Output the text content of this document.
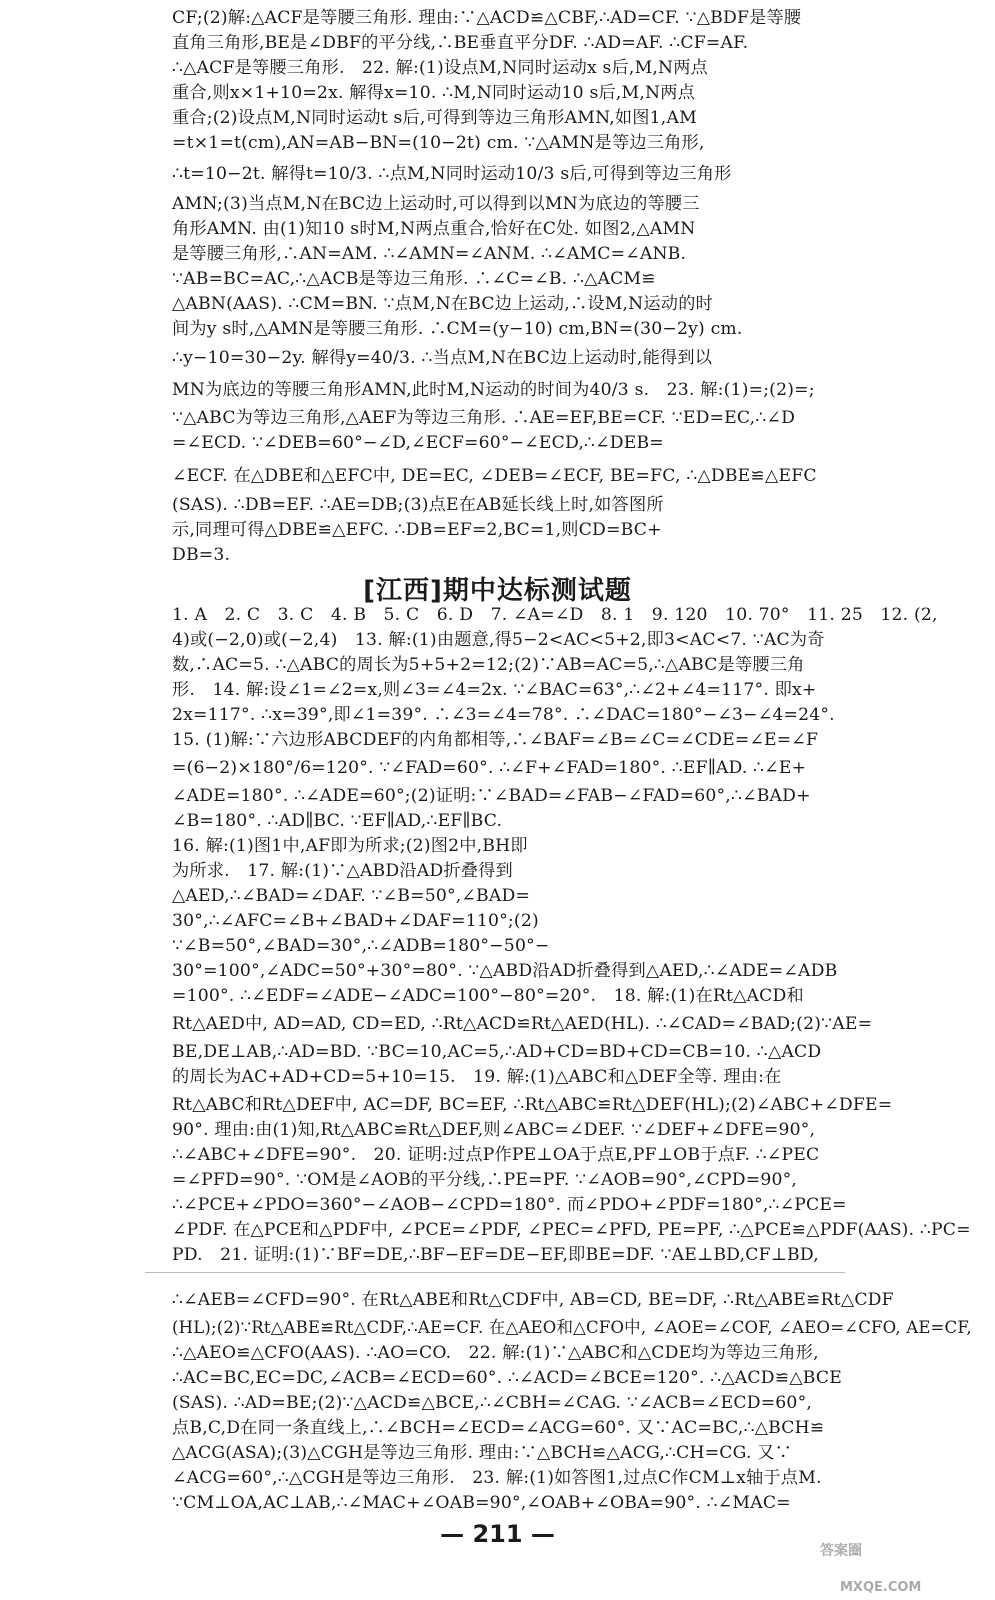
CF;(2)解:△ACF是等腰三角形. 理由:∵△ACD≌△CBF,∴AD=CF. ∵△BDF是等腰
直角三角形,BE是∠DBF的平分线,∴BE垂直平分DF. ∴AD=AF. ∴CF=AF.
∴△ACF是等腰三角形.　22. 解:(1)设点M,N同时运动x s后,M,N两点
重合,则x×1+10=2x. 解得x=10. ∴M,N同时运动10 s后,M,N两点
重合;(2)设点M,N同时运动t s后,可得到等边三角形AMN,如图1,AM
=t×1=t(cm),AN=AB−BN=(10−2t) cm. ∵△AMN是等边三角形,
∴t=10−2t. 解得t=10/3. ∴点M,N同时运动10/3 s后,可得到等边三角形
AMN;(3)当点M,N在BC边上运动时,可以得到以MN为底边的等腰三
角形AMN. 由(1)知10 s时M,N两点重合,恰好在C处. 如图2,△AMN
是等腰三角形,∴AN=AM. ∴∠AMN=∠ANM. ∴∠AMC=∠ANB.
∵AB=BC=AC,∴△ACB是等边三角形. ∴∠C=∠B. ∴△ACM≌
△ABN(AAS). ∴CM=BN. ∵点M,N在BC边上运动,∴设M,N运动的时
间为y s时,△AMN是等腰三角形. ∴CM=(y−10) cm,BN=(30−2y) cm.
∴y−10=30−2y. 解得y=40/3. ∴当点M,N在BC边上运动时,能得到以
MN为底边的等腰三角形AMN,此时M,N运动的时间为40/3 s.　23. 解:(1)=;(2)=;
∵△ABC为等边三角形,△AEF为等边三角形. ∴AE=EF,BE=CF. ∵ED=EC,∴∠D
=∠ECD. ∵∠DEB=60°−∠D,∠ECF=60°−∠ECD,∴∠DEB=
∠ECF. 在△DBE和△EFC中, DE=EC, ∠DEB=∠ECF, BE=FC, ∴△DBE≌△EFC
(SAS). ∴DB=EF. ∴AE=DB;(3)点E在AB延长线上时,如答图所
示,同理可得△DBE≌△EFC. ∴DB=EF=2,BC=1,则CD=BC+
DB=3.
[江西]期中达标测试题
1. A　2. C　3. C　4. B　5. C　6. D　7. ∠A=∠D　8. 1　9. 120　10. 70°　11. 25　12. (2,
4)或(−2,0)或(−2,4)　13. 解:(1)由题意,得5−2<AC<5+2,即3<AC<7. ∵AC为奇
数,∴AC=5. ∴△ABC的周长为5+5+2=12;(2)∵AB=AC=5,∴△ABC是等腰三角
形.　14. 解:设∠1=∠2=x,则∠3=∠4=2x. ∵∠BAC=63°,∴∠2+∠4=117°. 即x+
2x=117°. ∴x=39°,即∠1=39°. ∴∠3=∠4=78°. ∴∠DAC=180°−∠3−∠4=24°.
15. (1)解:∵六边形ABCDEF的内角都相等,∴∠BAF=∠B=∠C=∠CDE=∠E=∠F
=(6−2)×180°/6=120°. ∵∠FAD=60°. ∴∠F+∠FAD=180°. ∴EF∥AD. ∴∠E+
∠ADE=180°. ∴∠ADE=60°;(2)证明:∵∠BAD=∠FAB−∠FAD=60°,∴∠BAD+
∠B=180°. ∴AD∥BC. ∵EF∥AD,∴EF∥BC.
16. 解:(1)图1中,AF即为所求;(2)图2中,BH即
为所求.　17. 解:(1)∵△ABD沿AD折叠得到
△AED,∴∠BAD=∠DAF. ∵∠B=50°,∠BAD=
30°,∴∠AFC=∠B+∠BAD+∠DAF=110°;(2)
∵∠B=50°,∠BAD=30°,∴∠ADB=180°−50°−
30°=100°,∠ADC=50°+30°=80°. ∵△ABD沿AD折叠得到△AED,∴∠ADE=∠ADB
=100°. ∴∠EDF=∠ADE−∠ADC=100°−80°=20°.　18. 解:(1)在Rt△ACD和
Rt△AED中, AD=AD, CD=ED, ∴Rt△ACD≌Rt△AED(HL). ∴∠CAD=∠BAD;(2)∵AE=
BE,DE⊥AB,∴AD=BD. ∵BC=10,AC=5,∴AD+CD=BD+CD=CB=10. ∴△ACD
的周长为AC+AD+CD=5+10=15.　19. 解:(1)△ABC和△DEF全等. 理由:在
Rt△ABC和Rt△DEF中, AC=DF, BC=EF, ∴Rt△ABC≌Rt△DEF(HL);(2)∠ABC+∠DFE=
90°. 理由:由(1)知,Rt△ABC≌Rt△DEF,则∠ABC=∠DEF. ∵∠DEF+∠DFE=90°,
∴∠ABC+∠DFE=90°.　20. 证明:过点P作PE⊥OA于点E,PF⊥OB于点F. ∴∠PEC
=∠PFD=90°. ∵OM是∠AOB的平分线,∴PE=PF. ∵∠AOB=90°,∠CPD=90°,
∴∠PCE+∠PDO=360°−∠AOB−∠CPD=180°. 而∠PDO+∠PDF=180°,∴∠PCE=
∠PDF. 在△PCE和△PDF中, ∠PCE=∠PDF, ∠PEC=∠PFD, PE=PF, ∴△PCE≌△PDF(AAS). ∴PC=
PD.　21. 证明:(1)∵BF=DE,∴BF−EF=DE−EF,即BE=DF. ∵AE⊥BD,CF⊥BD,
∴∠AEB=∠CFD=90°. 在Rt△ABE和Rt△CDF中, AB=CD, BE=DF, ∴Rt△ABE≌Rt△CDF
(HL);(2)∵Rt△ABE≌Rt△CDF,∴AE=CF. 在△AEO和△CFO中, ∠AOE=∠COF, ∠AEO=∠CFO, AE=CF,
∴△AEO≌△CFO(AAS). ∴AO=CO.　22. 解:(1)∵△ABC和△CDE均为等边三角形,
∴AC=BC,EC=DC,∠ACB=∠ECD=60°. ∴∠ACD=∠BCE=120°. ∴△ACD≌△BCE
(SAS). ∴AD=BE;(2)∵△ACD≌△BCE,∴∠CBH=∠CAG. ∵∠ACB=∠ECD=60°,
点B,C,D在同一条直线上,∴∠BCH=∠ECD=∠ACG=60°. 又∵AC=BC,∴△BCH≌
△ACG(ASA);(3)△CGH是等边三角形. 理由:∵△BCH≌△ACG,∴CH=CG. 又∵
∠ACG=60°,∴△CGH是等边三角形.　23. 解:(1)如答图1,过点C作CM⊥x轴于点M.
∵CM⊥OA,AC⊥AB,∴∠MAC+∠OAB=90°,∠OAB+∠OBA=90°. ∴∠MAC=
— 211 —
答案圈
MXQE.COM
